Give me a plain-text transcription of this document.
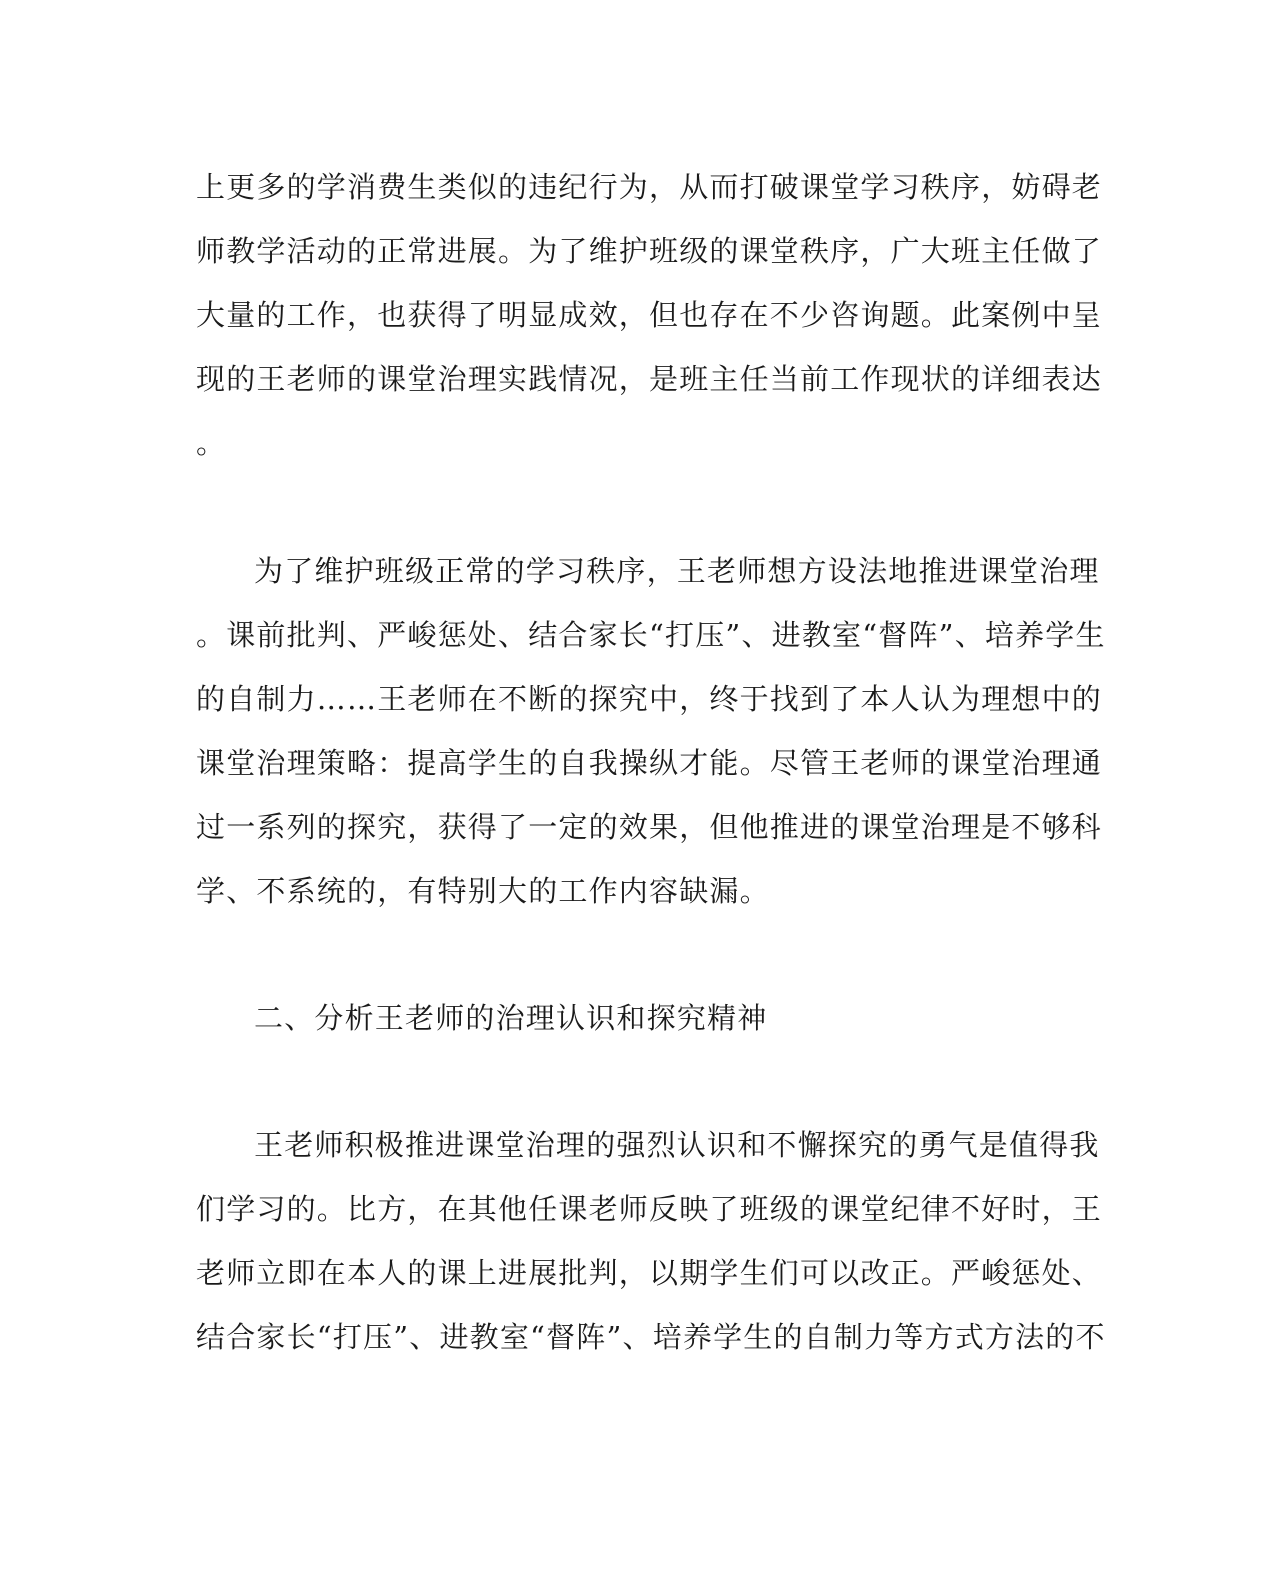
上更多的学消费生类似的违纪行为，从而打破课堂学习秩序，妨碍老
师教学活动的正常进展。为了维护班级的课堂秩序，广大班主任做了
大量的工作，也获得了明显成效，但也存在不少咨询题。此案例中呈
现的王老师的课堂治理实践情况，是班主任当前工作现状的详细表达
。
为了维护班级正常的学习秩序，王老师想方设法地推进课堂治理
。课前批判、严峻惩处、结合家长“打压”、进教室“督阵”、培养学生
的自制力……王老师在不断的探究中，终于找到了本人认为理想中的
课堂治理策略：提高学生的自我操纵才能。尽管王老师的课堂治理通
过一系列的探究，获得了一定的效果，但他推进的课堂治理是不够科
学、不系统的，有特别大的工作内容缺漏。
二、分析王老师的治理认识和探究精神
王老师积极推进课堂治理的强烈认识和不懈探究的勇气是值得我
们学习的。比方，在其他任课老师反映了班级的课堂纪律不好时，王
老师立即在本人的课上进展批判，以期学生们可以改正。严峻惩处、
结合家长“打压”、进教室“督阵”、培养学生的自制力等方式方法的不
